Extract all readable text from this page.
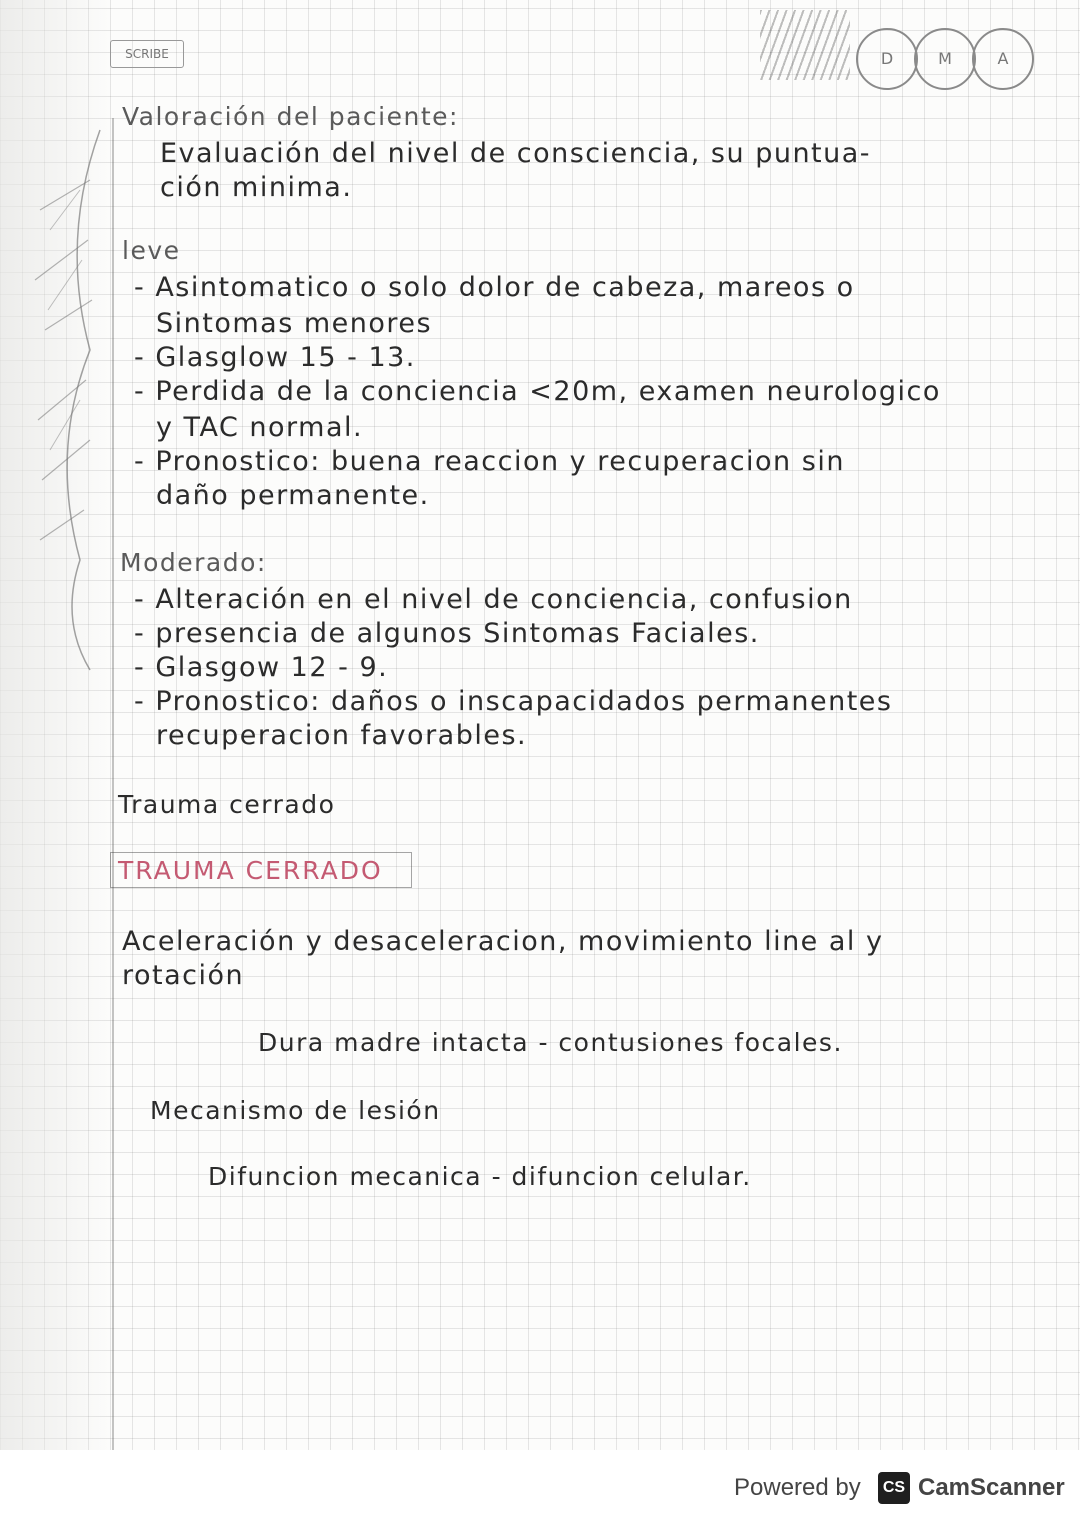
SCRIBE	D	M	A
Valoración del paciente:
Evaluación del nivel de consciencia, su puntua-
ción minima.
leve
- Asintomatico o solo dolor de cabeza, mareos o
Sintomas menores
- Glasglow 15 - 13.
- Perdida de la conciencia <20m, examen neurologico
y TAC normal.
- Pronostico: buena reaccion y recuperacion sin
daño permanente.
Moderado:
- Alteración en el nivel de conciencia, confusion
- presencia de algunos Sintomas Faciales.
- Glasgow 12 - 9.
- Pronostico: daños o inscapacidados permanentes
recuperacion favorables.
Trauma cerrado
TRAUMA CERRADO
Aceleración y desaceleracion, movimiento line al y
rotación
Dura madre intacta - contusiones focales.
Mecanismo de lesión
Difuncion mecanica - difuncion celular.
Powered by	CS CamScanner
